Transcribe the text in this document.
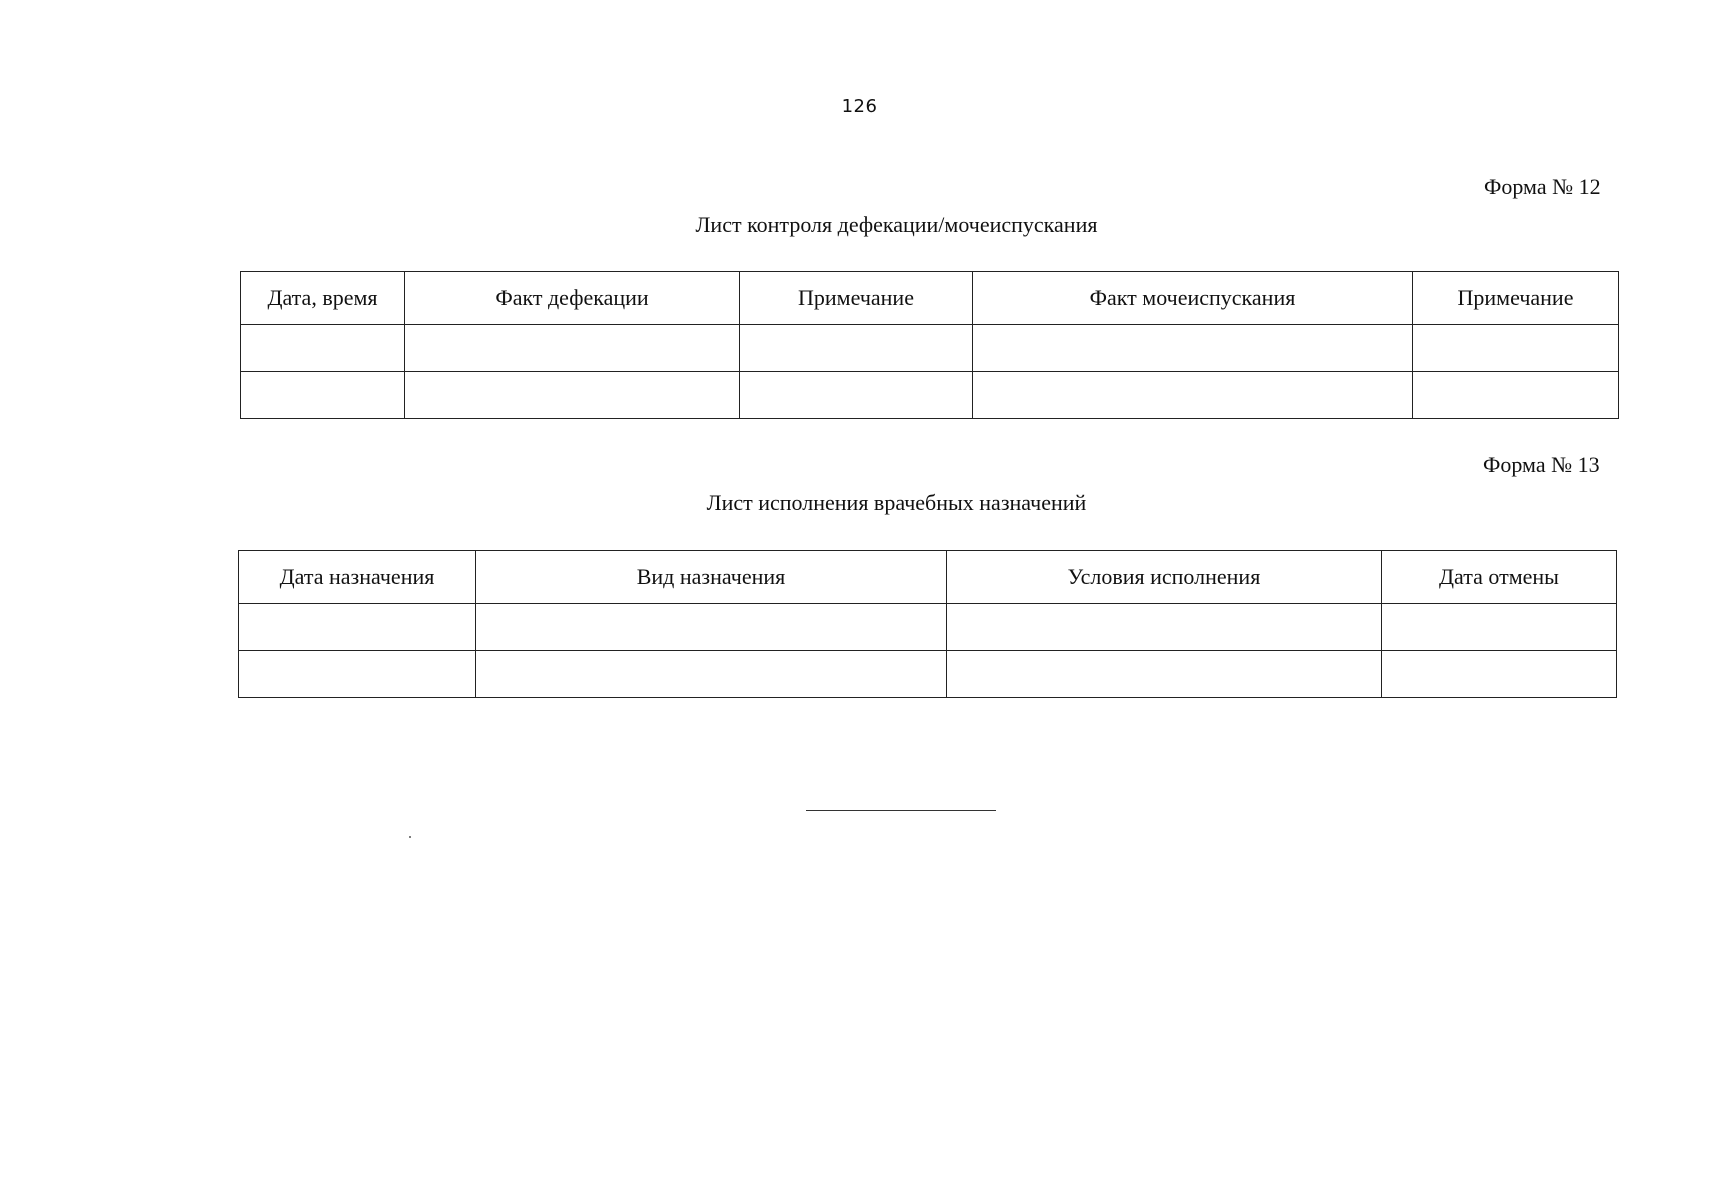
126
Форма № 12
Лист контроля дефекации/мочеиспускания
Дата, время	Факт дефекации	Примечание	Факт мочеиспускания	Примечание

Форма № 13
Лист исполнения врачебных назначений
Дата назначения	Вид назначения	Условия исполнения	Дата отмены
